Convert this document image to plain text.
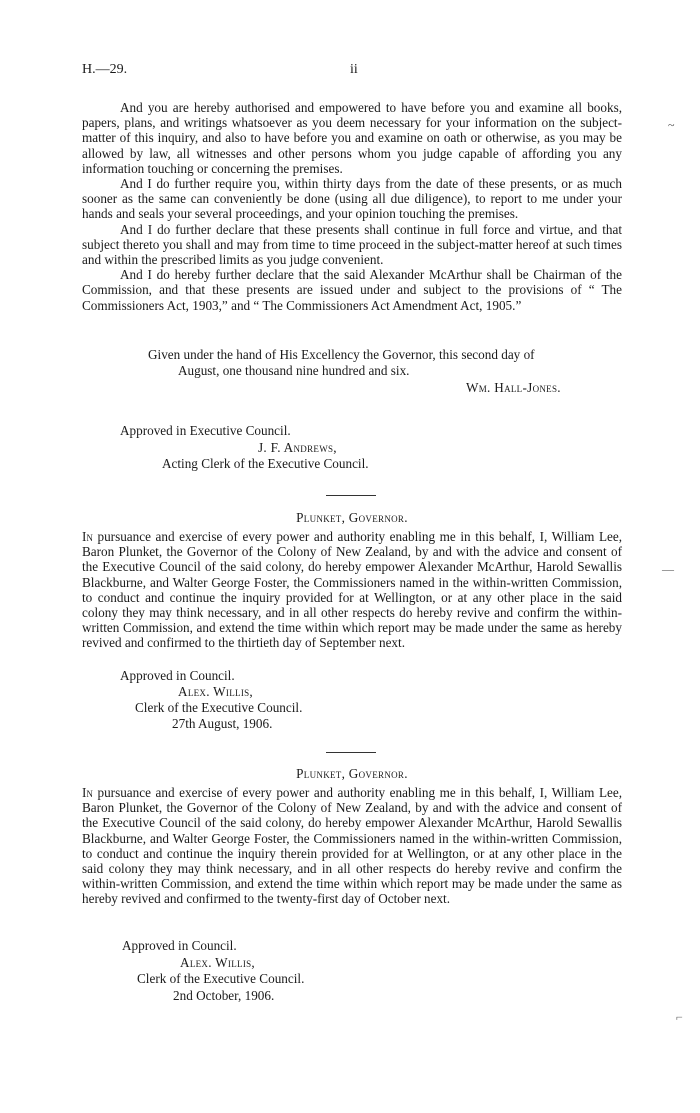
H.—29.	ii

And you are hereby authorised and empowered to have before you and examine all books, papers, plans, and writings whatsoever as you deem necessary for your information on the subject-matter of this inquiry, and also to have before you and examine on oath or otherwise, as you may be allowed by law, all witnesses and other persons whom you judge capable of affording you any information touching or concerning the premises.

And I do further require you, within thirty days from the date of these presents, or as much sooner as the same can conveniently be done (using all due diligence), to report to me under your hands and seals your several proceedings, and your opinion touching the premises.

And I do further declare that these presents shall continue in full force and virtue, and that subject thereto you shall and may from time to time proceed in the subject-matter hereof at such times and within the prescribed limits as you judge convenient.

And I do hereby further declare that the said Alexander McArthur shall be Chairman of the Commission, and that these presents are issued under and subject to the provisions of “ The Commissioners Act, 1903,” and “ The Commissioners Act Amendment Act, 1905.”

Given under the hand of His Excellency the Governor, this second day of
August, one thousand nine hundred and six.
Wm. Hall-Jones.
Approved in Executive Council.
J. F. Andrews,
Acting Clerk of the Executive Council.
Plunket, Governor.
In pursuance and exercise of every power and authority enabling me in this behalf, I, William Lee, Baron Plunket, the Governor of the Colony of New Zealand, by and with the advice and consent of the Executive Council of the said colony, do hereby empower Alexander McArthur, Harold Sewallis Blackburne, and Walter George Foster, the Commissioners named in the within-written Commission, to conduct and continue the inquiry provided for at Wellington, or at any other place in the said colony they may think necessary, and in all other respects do hereby revive and confirm the within-written Commission, and extend the time within which report may be made under the same as hereby revived and confirmed to the thirtieth day of September next.
Approved in Council.
Alex. Willis,
Clerk of the Executive Council.
27th August, 1906.
Plunket, Governor.
In pursuance and exercise of every power and authority enabling me in this behalf, I, William Lee, Baron Plunket, the Governor of the Colony of New Zealand, by and with the advice and consent of the Executive Council of the said colony, do hereby empower Alexander McArthur, Harold Sewallis Blackburne, and Walter George Foster, the Commissioners named in the within-written Commission, to conduct and continue the inquiry therein provided for at Wellington, or at any other place in the said colony they may think necessary, and in all other respects do hereby revive and confirm the within-written Commission, and extend the time within which report may be made under the same as hereby revived and confirmed to the twenty-first day of October next.
Approved in Council.
Alex. Willis,
Clerk of the Executive Council.
2nd October, 1906.
~
—
⌐
